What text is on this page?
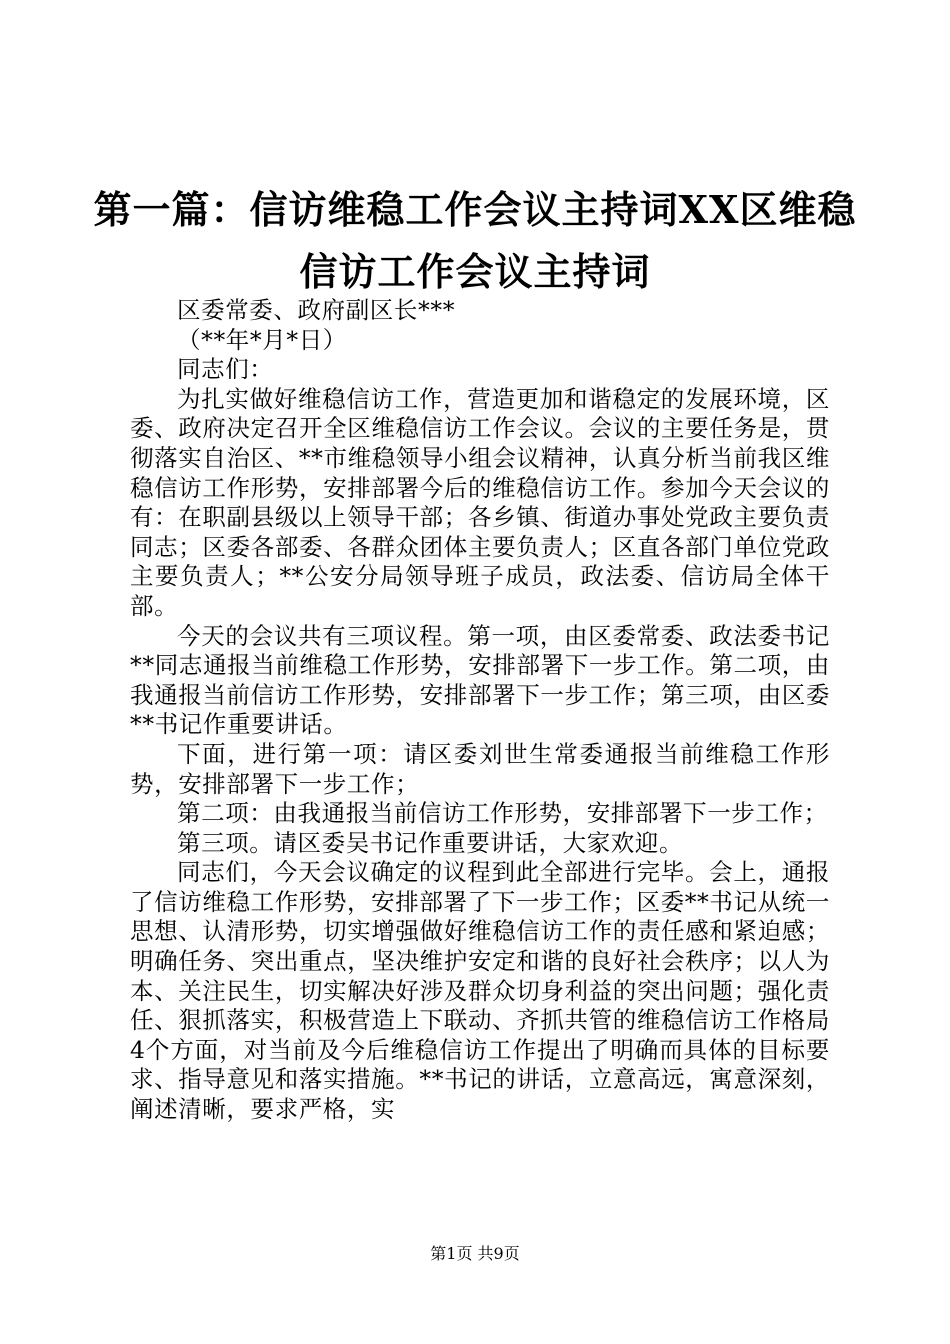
第一篇：信访维稳工作会议主持词XX区维稳
信访工作会议主持词

区委常委、政府副区长***

（**年*月*日）

同志们：

为扎实做好维稳信访工作，营造更加和谐稳定的发展环境，区委、政府决定召开全区维稳信访工作会议。会议的主要任务是，贯彻落实自治区、**市维稳领导小组会议精神，认真分析当前我区维稳信访工作形势，安排部署今后的维稳信访工作。参加今天会议的有：在职副县级以上领导干部；各乡镇、街道办事处党政主要负责同志；区委各部委、各群众团体主要负责人；区直各部门单位党政主要负责人；**公安分局领导班子成员，政法委、信访局全体干部。

今天的会议共有三项议程。第一项，由区委常委、政法委书记**同志通报当前维稳工作形势，安排部署下一步工作。第二项，由我通报当前信访工作形势，安排部署下一步工作；第三项，由区委**书记作重要讲话。

下面，进行第一项：请区委刘世生常委通报当前维稳工作形势，安排部署下一步工作；

第二项：由我通报当前信访工作形势，安排部署下一步工作；

第三项。请区委吴书记作重要讲话，大家欢迎。

同志们，今天会议确定的议程到此全部进行完毕。会上，通报了信访维稳工作形势，安排部署了下一步工作；区委**书记从统一思想、认清形势，切实增强做好维稳信访工作的责任感和紧迫感；明确任务、突出重点，坚决维护安定和谐的良好社会秩序；以人为本、关注民生，切实解决好涉及群众切身利益的突出问题；强化责任、狠抓落实，积极营造上下联动、齐抓共管的维稳信访工作格局4个方面，对当前及今后维稳信访工作提出了明确而具体的目标要求、指导意见和落实措施。**书记的讲话，立意高远，寓意深刻，阐述清晰，要求严格，实

第1页 共9页
